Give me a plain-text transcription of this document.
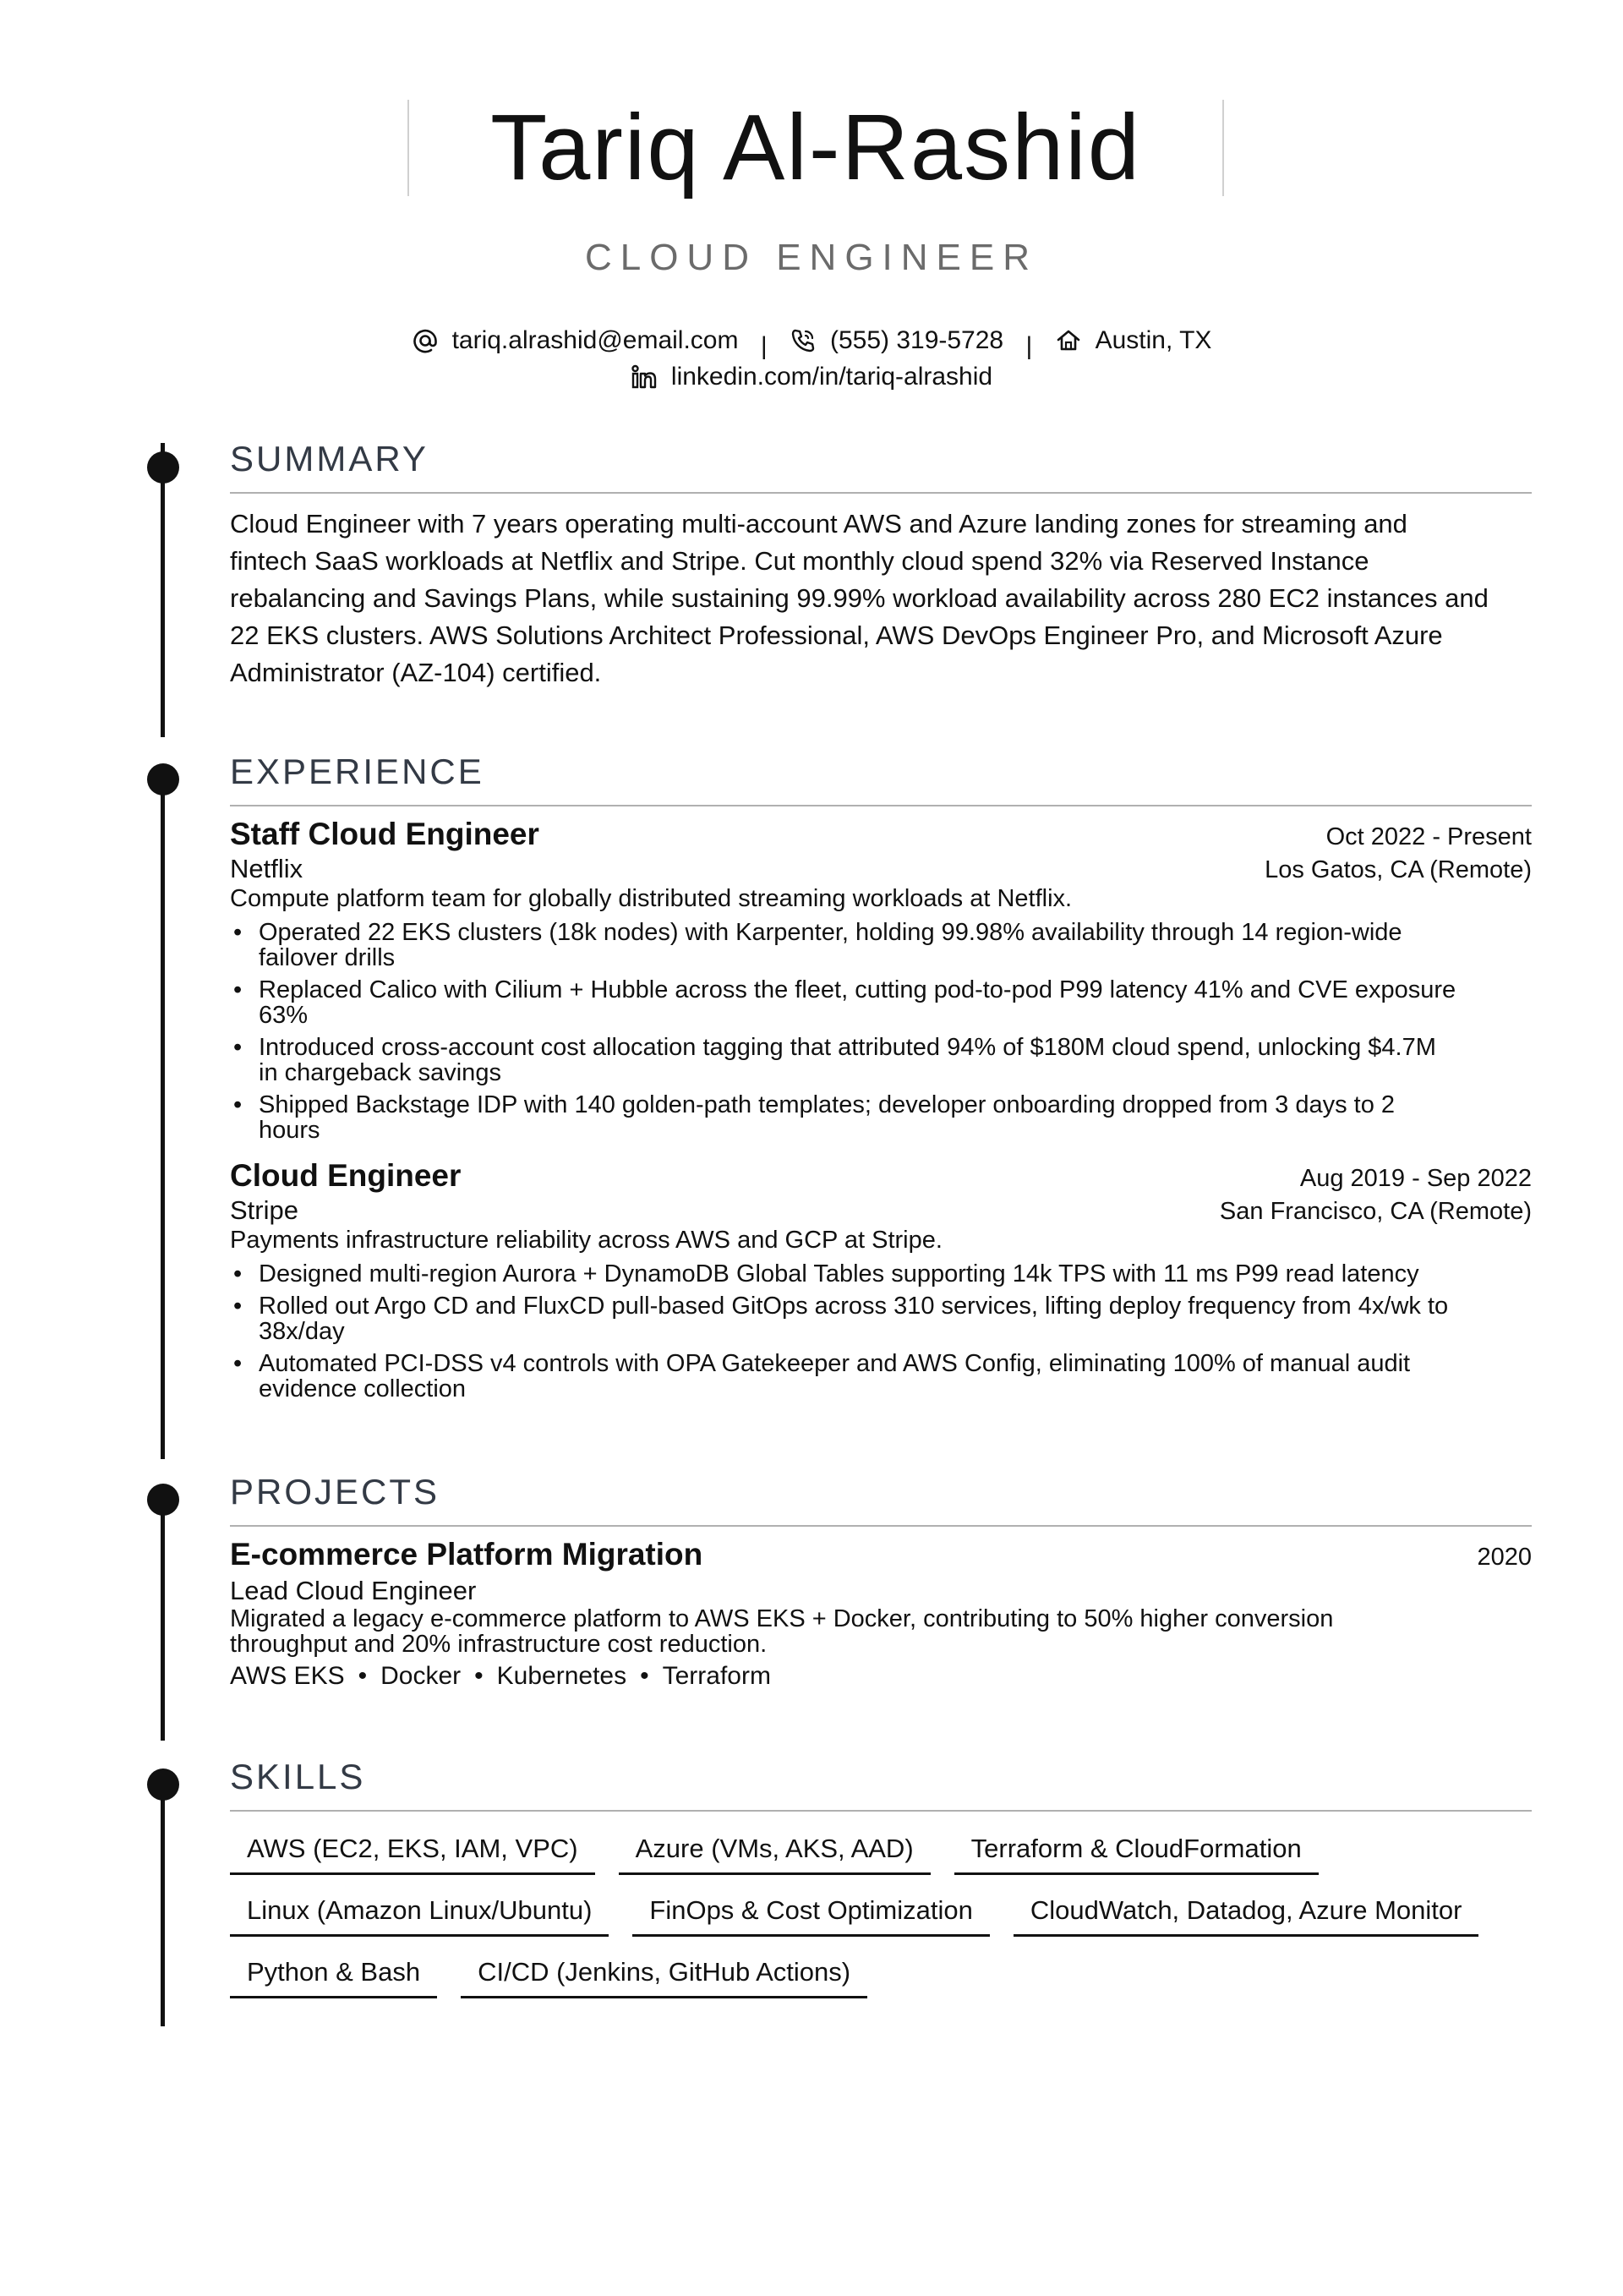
Tariq Al-Rashid
CLOUD ENGINEER
tariq.alrashid@email.com | (555) 319-5728 | Austin, TX
linkedin.com/in/tariq-alrashid
SUMMARY
Cloud Engineer with 7 years operating multi-account AWS and Azure landing zones for streaming and
fintech SaaS workloads at Netflix and Stripe. Cut monthly cloud spend 32% via Reserved Instance
rebalancing and Savings Plans, while sustaining 99.99% workload availability across 280 EC2 instances and
22 EKS clusters. AWS Solutions Architect Professional, AWS DevOps Engineer Pro, and Microsoft Azure
Administrator (AZ-104) certified.
EXPERIENCE
Staff Cloud Engineer	Oct 2022 - Present
Netflix	Los Gatos, CA (Remote)
Compute platform team for globally distributed streaming workloads at Netflix.
• Operated 22 EKS clusters (18k nodes) with Karpenter, holding 99.98% availability through 14 region-wide
failover drills
• Replaced Calico with Cilium + Hubble across the fleet, cutting pod-to-pod P99 latency 41% and CVE exposure
63%
• Introduced cross-account cost allocation tagging that attributed 94% of $180M cloud spend, unlocking $4.7M
in chargeback savings
• Shipped Backstage IDP with 140 golden-path templates; developer onboarding dropped from 3 days to 2
hours
Cloud Engineer	Aug 2019 - Sep 2022
Stripe	San Francisco, CA (Remote)
Payments infrastructure reliability across AWS and GCP at Stripe.
• Designed multi-region Aurora + DynamoDB Global Tables supporting 14k TPS with 11 ms P99 read latency
• Rolled out Argo CD and FluxCD pull-based GitOps across 310 services, lifting deploy frequency from 4x/wk to
38x/day
• Automated PCI-DSS v4 controls with OPA Gatekeeper and AWS Config, eliminating 100% of manual audit
evidence collection
PROJECTS
E-commerce Platform Migration	2020
Lead Cloud Engineer
Migrated a legacy e-commerce platform to AWS EKS + Docker, contributing to 50% higher conversion
throughput and 20% infrastructure cost reduction.
AWS EKS • Docker • Kubernetes • Terraform
SKILLS
AWS (EC2, EKS, IAM, VPC)	Azure (VMs, AKS, AAD)	Terraform & CloudFormation
Linux (Amazon Linux/Ubuntu)	FinOps & Cost Optimization	CloudWatch, Datadog, Azure Monitor
Python & Bash	CI/CD (Jenkins, GitHub Actions)
